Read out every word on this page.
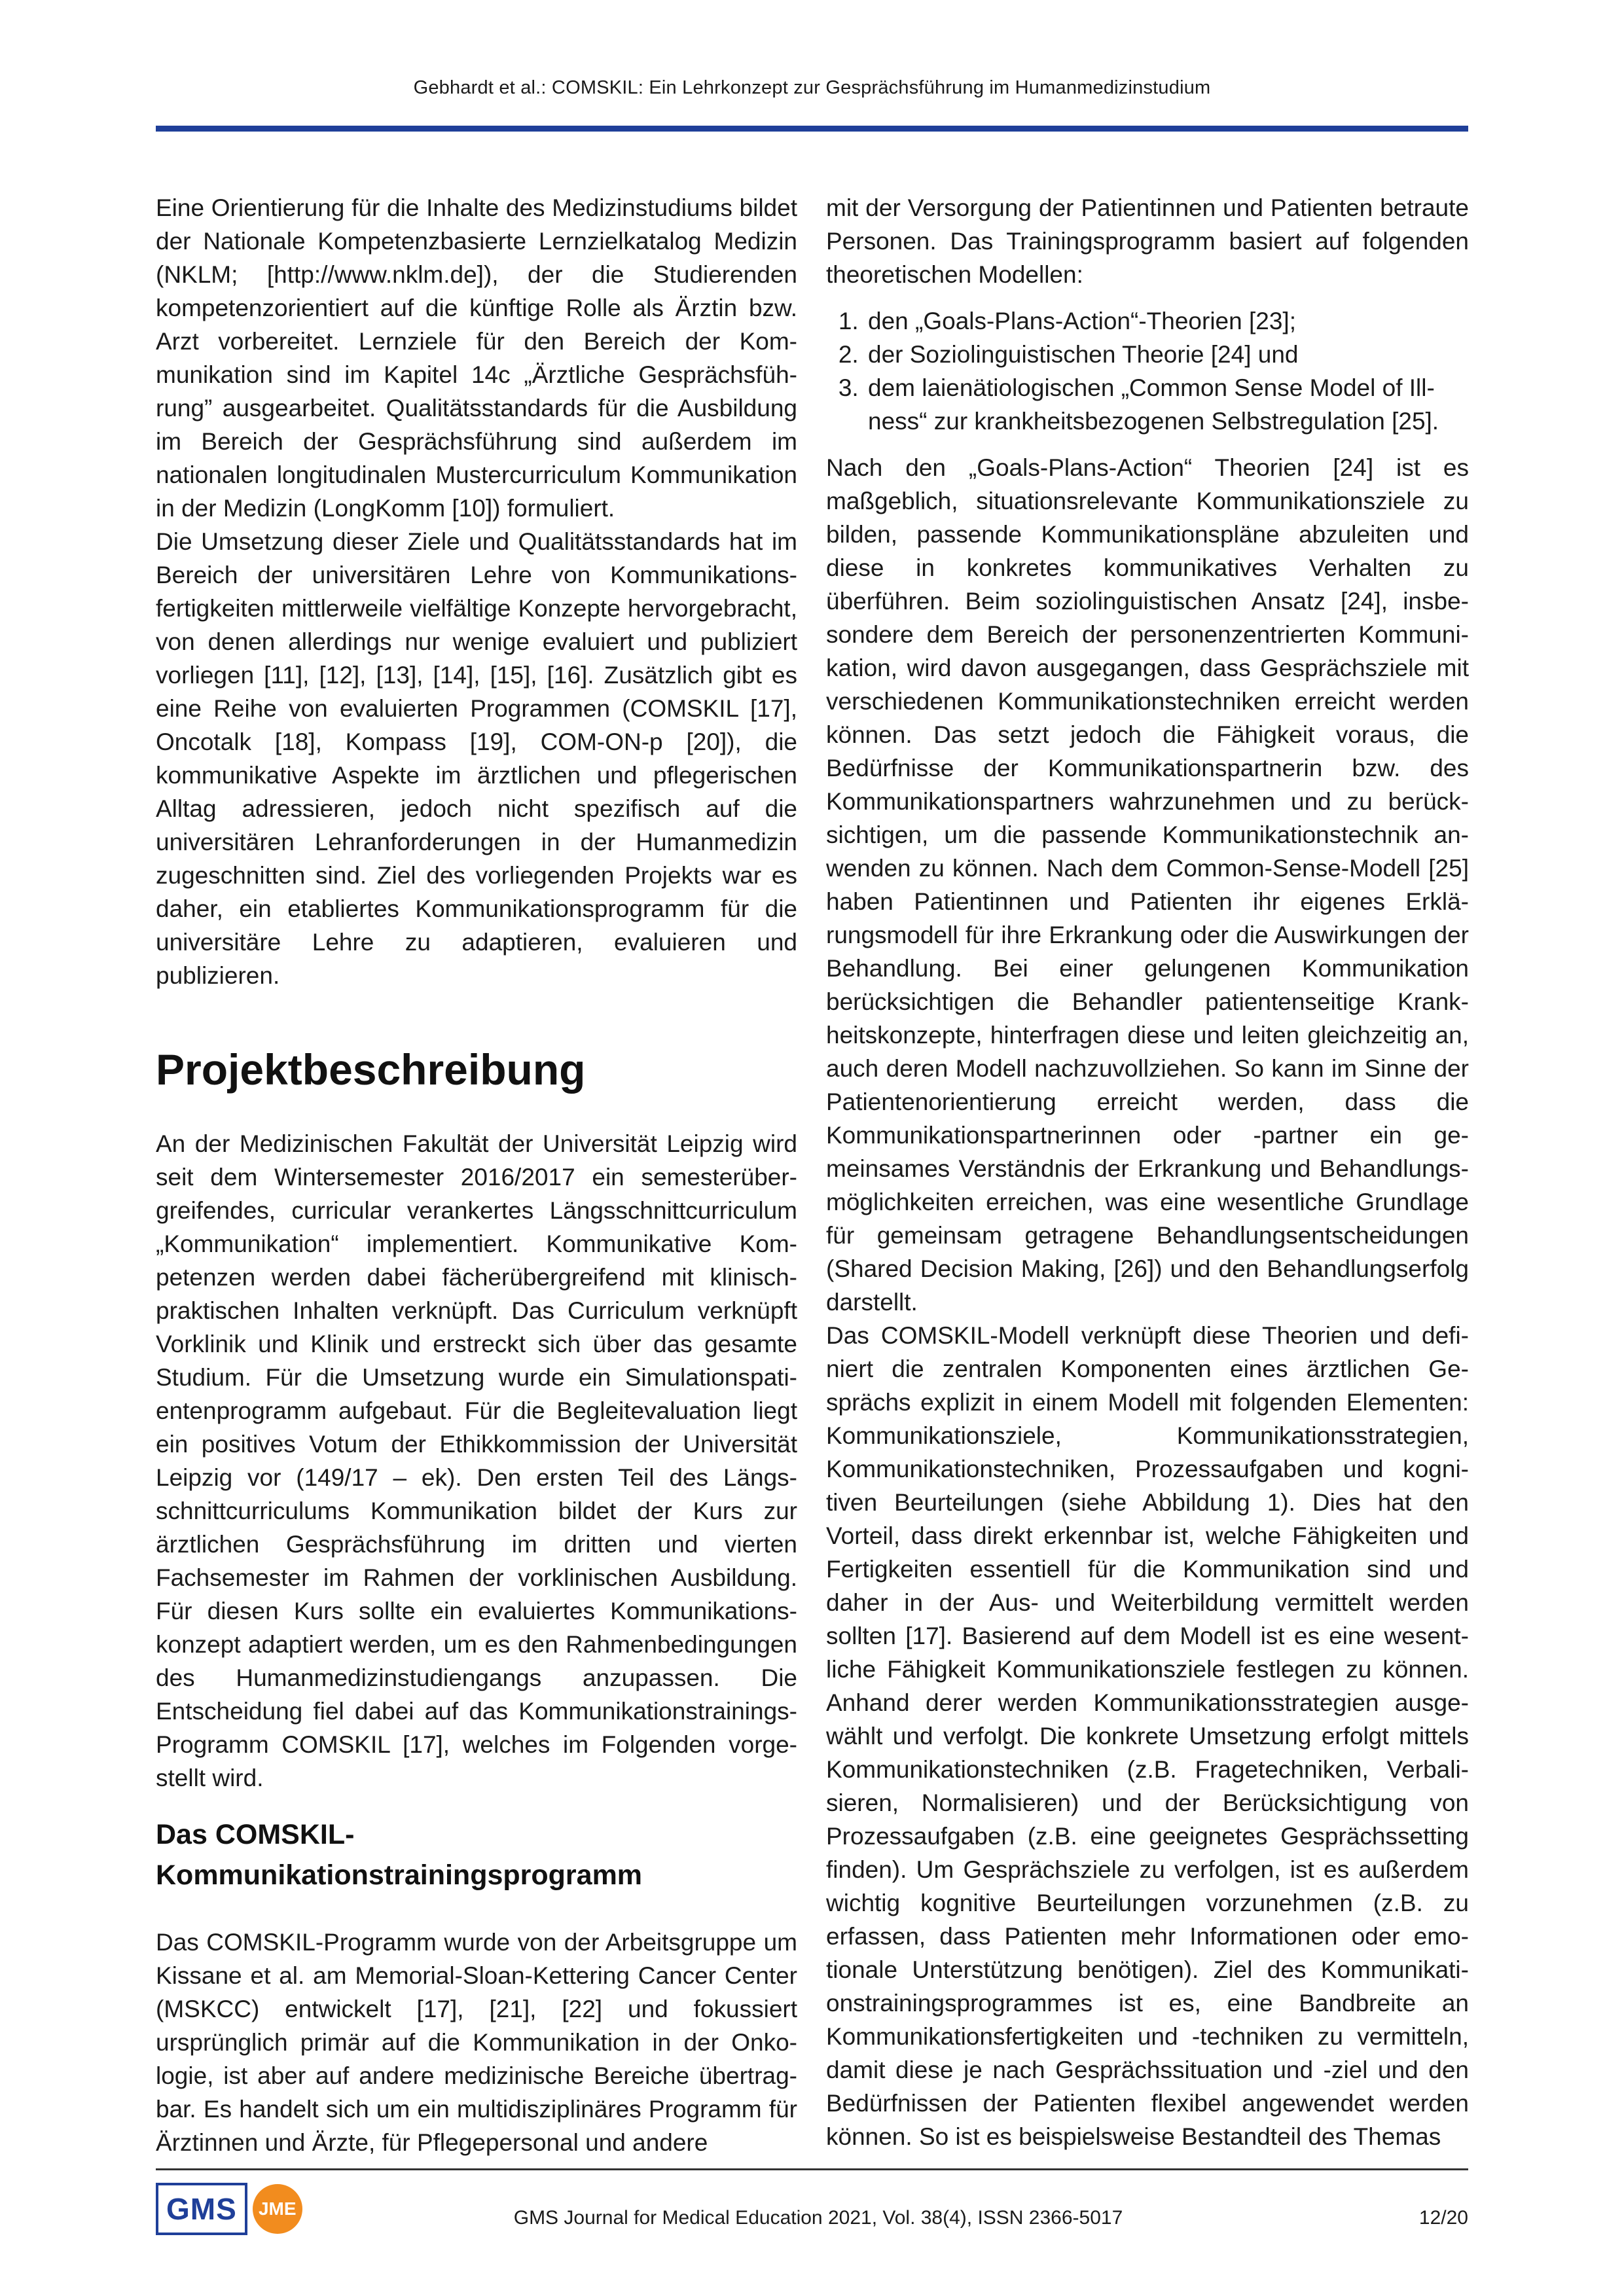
Gebhardt et al.: COMSKIL: Ein Lehrkonzept zur Gesprächsführung im Humanmedizinstudium

Eine Orientierung für die Inhalte des Medizinstudiums bildet der Nationale Kompetenzbasierte Lernzielkatalog Medizin (NKLM; [http://www.nklm.de]), der die Studierenden kompetenzorientiert auf die künftige Rolle als Ärztin bzw. Arzt vorbereitet. Lernziele für den Bereich der Kommunikation sind im Kapitel 14c „Ärztliche Gesprächsführung” ausgearbeitet. Qualitätsstandards für die Ausbildung im Bereich der Gesprächsführung sind außerdem im nationalen longitudinalen Mustercurriculum Kommunikation in der Medizin (LongKomm [10]) formuliert.

Die Umsetzung dieser Ziele und Qualitätsstandards hat im Bereich der universitären Lehre von Kommunikationsfertigkeiten mittlerweile vielfältige Konzepte hervorgebracht, von denen allerdings nur wenige evaluiert und publiziert vorliegen [11], [12], [13], [14], [15], [16]. Zusätzlich gibt es eine Reihe von evaluierten Programmen (COMSKIL [17], Oncotalk [18], Kompass [19], COM-ON-p [20]), die kommunikative Aspekte im ärztlichen und pflegerischen Alltag adressieren, jedoch nicht spezifisch auf die universitären Lehranforderungen in der Humanmedizin zugeschnitten sind. Ziel des vorliegenden Projekts war es daher, ein etabliertes Kommunikationsprogramm für die universitäre Lehre zu adaptieren, evaluieren und publizieren.

Projektbeschreibung

An der Medizinischen Fakultät der Universität Leipzig wird seit dem Wintersemester 2016/2017 ein semesterübergreifendes, curricular verankertes Längsschnittcurriculum „Kommunikation“ implementiert. Kommunikative Kompetenzen werden dabei fächerübergreifend mit klinisch-praktischen Inhalten verknüpft. Das Curriculum verknüpft Vorklinik und Klinik und erstreckt sich über das gesamte Studium. Für die Umsetzung wurde ein Simulationspatientenprogramm aufgebaut. Für die Begleitevaluation liegt ein positives Votum der Ethikkommission der Universität Leipzig vor (149/17 – ek). Den ersten Teil des Längsschnittcurriculums Kommunikation bildet der Kurs zur ärztlichen Gesprächsführung im dritten und vierten Fachsemester im Rahmen der vorklinischen Ausbildung. Für diesen Kurs sollte ein evaluiertes Kommunikationskonzept adaptiert werden, um es den Rahmenbedingungen des Humanmedizinstudiengangs anzupassen. Die Entscheidung fiel dabei auf das Kommunikationstrainings-Programm COMSKIL [17], welches im Folgenden vorgestellt wird.

Das COMSKIL-Kommunikationstrainingsprogramm

Das COMSKIL-Programm wurde von der Arbeitsgruppe um Kissane et al. am Memorial-Sloan-Kettering Cancer Center (MSKCC) entwickelt [17], [21], [22] und fokussiert ursprünglich primär auf die Kommunikation in der Onkologie, ist aber auf andere medizinische Bereiche übertragbar. Es handelt sich um ein multidisziplinäres Programm für Ärztinnen und Ärzte, für Pflegepersonal und andere

mit der Versorgung der Patientinnen und Patienten betraute Personen. Das Trainingsprogramm basiert auf folgenden theoretischen Modellen:

1. den „Goals-Plans-Action“-Theorien [23];
2. der Soziolinguistischen Theorie [24] und
3. dem laienätiologischen „Common Sense Model of Illness“ zur krankheitsbezogenen Selbstregulation [25].

Nach den „Goals-Plans-Action“ Theorien [24] ist es maßgeblich, situationsrelevante Kommunikationsziele zu bilden, passende Kommunikationspläne abzuleiten und diese in konkretes kommunikatives Verhalten zu überführen. Beim soziolinguistischen Ansatz [24], insbesondere dem Bereich der personenzentrierten Kommunikation, wird davon ausgegangen, dass Gesprächsziele mit verschiedenen Kommunikationstechniken erreicht werden können. Das setzt jedoch die Fähigkeit voraus, die Bedürfnisse der Kommunikationspartnerin bzw. des Kommunikationspartners wahrzunehmen und zu berücksichtigen, um die passende Kommunikationstechnik anwenden zu können. Nach dem Common-Sense-Modell [25] haben Patientinnen und Patienten ihr eigenes Erklärungsmodell für ihre Erkrankung oder die Auswirkungen der Behandlung. Bei einer gelungenen Kommunikation berücksichtigen die Behandler patientenseitige Krankheitskonzepte, hinterfragen diese und leiten gleichzeitig an, auch deren Modell nachzuvollziehen. So kann im Sinne der Patientenorientierung erreicht werden, dass die Kommunikationspartnerinnen oder -partner ein gemeinsames Verständnis der Erkrankung und Behandlungsmöglichkeiten erreichen, was eine wesentliche Grundlage für gemeinsam getragene Behandlungsentscheidungen (Shared Decision Making, [26]) und den Behandlungserfolg darstellt.

Das COMSKIL-Modell verknüpft diese Theorien und definiert die zentralen Komponenten eines ärztlichen Gesprächs explizit in einem Modell mit folgenden Elementen: Kommunikationsziele, Kommunikationsstrategien, Kommunikationstechniken, Prozessaufgaben und kognitiven Beurteilungen (siehe Abbildung 1). Dies hat den Vorteil, dass direkt erkennbar ist, welche Fähigkeiten und Fertigkeiten essentiell für die Kommunikation sind und daher in der Aus- und Weiterbildung vermittelt werden sollten [17]. Basierend auf dem Modell ist es eine wesentliche Fähigkeit Kommunikationsziele festlegen zu können. Anhand derer werden Kommunikationsstrategien ausgewählt und verfolgt. Die konkrete Umsetzung erfolgt mittels Kommunikationstechniken (z.B. Fragetechniken, Verbalisieren, Normalisieren) und der Berücksichtigung von Prozessaufgaben (z.B. eine geeignetes Gesprächssetting finden). Um Gesprächsziele zu verfolgen, ist es außerdem wichtig kognitive Beurteilungen vorzunehmen (z.B. zu erfassen, dass Patienten mehr Informationen oder emotionale Unterstützung benötigen). Ziel des Kommunikationstrainingsprogrammes ist es, eine Bandbreite an Kommunikationsfertigkeiten und -techniken zu vermitteln, damit diese je nach Gesprächssituation und -ziel und den Bedürfnissen der Patienten flexibel angewendet werden können. So ist es beispielsweise Bestandteil des Themas

GMS	JME	GMS Journal for Medical Education 2021, Vol. 38(4), ISSN 2366-5017	12/20
